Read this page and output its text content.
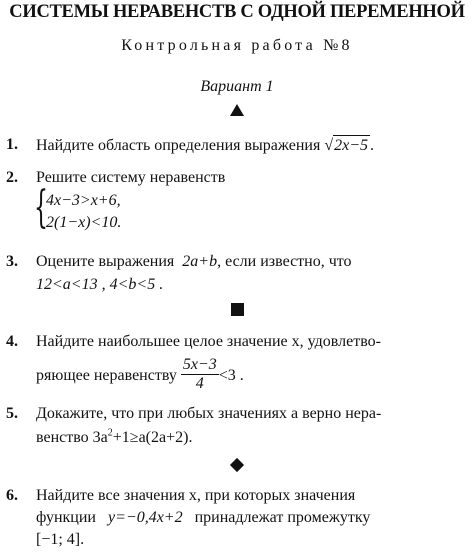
СИСТЕМЫ НЕРАВЕНСТВ С ОДНОЙ ПЕРЕМЕННОЙ
Контрольная работа №8
Вариант 1
1. Найдите область определения выражения √2x−5 .
2. Решите систему неравенств
{
4x−3>x+6,
2(1−x)<10.
3. Оцените выражения 2a+b, если известно, что
12<a<13 , 4<b<5 .
4. Найдите наибольшее целое значение x, удовлетво-
ряющее неравенству $\frac{5x-3}{4} <3$ .
5. Докажите, что при любых значениях a верно нера-
венство $3a^2+1\ge a(2a+2)$.
6. Найдите все значения x, при которых значения
функции y=−0,4x+2 принадлежат промежутку
[−1; 4].
